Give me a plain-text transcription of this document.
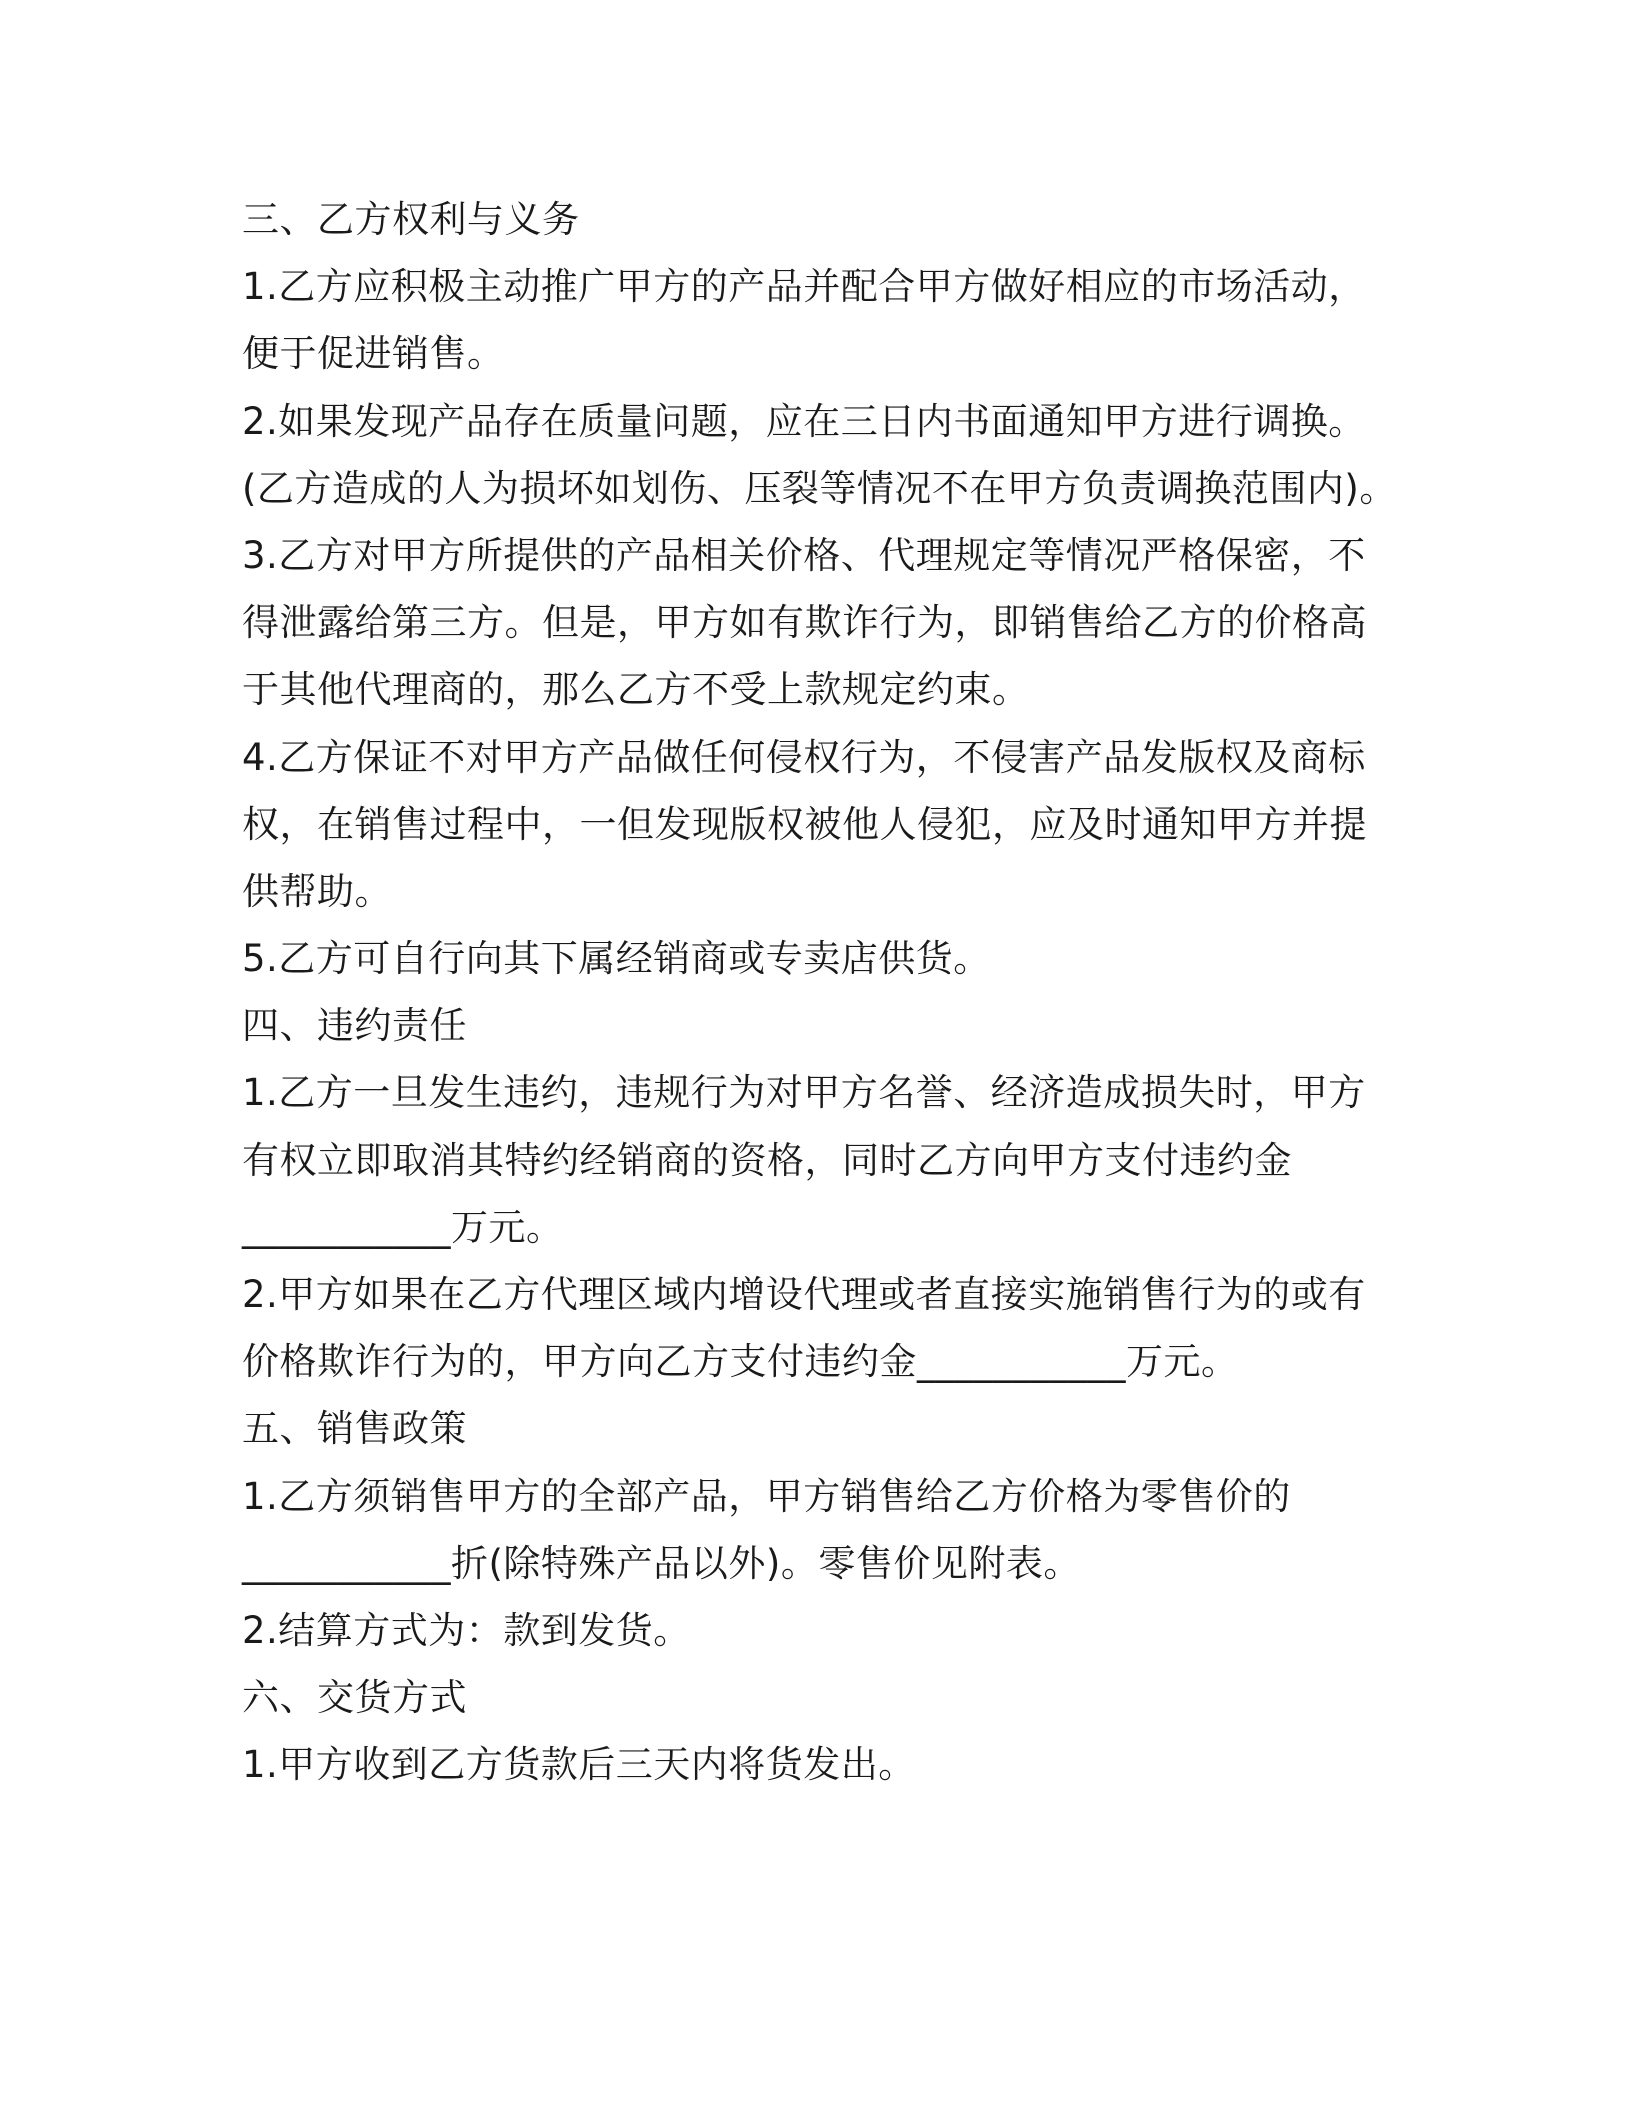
三、乙方权利与义务
1.乙方应积极主动推广甲方的产品并配合甲方做好相应的市场活动，
便于促进销售。
2.如果发现产品存在质量问题，应在三日内书面通知甲方进行调换。
(乙方造成的人为损坏如划伤、压裂等情况不在甲方负责调换范围内)。
3.乙方对甲方所提供的产品相关价格、代理规定等情况严格保密，不
得泄露给第三方。但是，甲方如有欺诈行为，即销售给乙方的价格高
于其他代理商的，那么乙方不受上款规定约束。
4.乙方保证不对甲方产品做任何侵权行为，不侵害产品发版权及商标
权，在销售过程中，一但发现版权被他人侵犯，应及时通知甲方并提
供帮助。
5.乙方可自行向其下属经销商或专卖店供货。
四、违约责任
1.乙方一旦发生违约，违规行为对甲方名誉、经济造成损失时，甲方
有权立即取消其特约经销商的资格，同时乙方向甲方支付违约金
___________万元。
2.甲方如果在乙方代理区域内增设代理或者直接实施销售行为的或有
价格欺诈行为的，甲方向乙方支付违约金___________万元。
五、销售政策
1.乙方须销售甲方的全部产品，甲方销售给乙方价格为零售价的
___________折(除特殊产品以外)。零售价见附表。
2.结算方式为：款到发货。
六、交货方式
1.甲方收到乙方货款后三天内将货发出。
